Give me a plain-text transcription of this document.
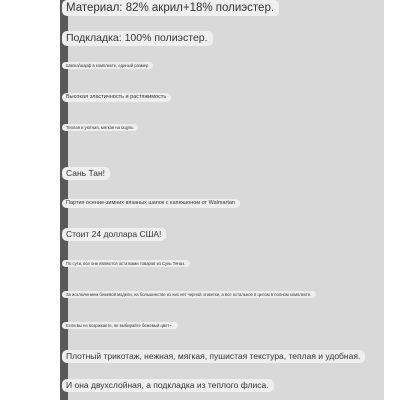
Материал: 82% акрил+18% полиэстер.
Подкладка: 100% полиэстер.
Шапка/шарф в комплекте, единый размер
Высокая эластичность и растяжимость
Теплая и уютная, мягкая на ощупь
Сань Тан!
Партия осенне-зимних вязаных шапок с капюшоном от Walmartan
Стоит 24 доллара США!
По сути, все они являются остатками товаров из Сунь Тянаэ.
За исключением бежевой модели, на большинстве из них нет черной этикетки, а все остальное в целом в полном комплекте.
Если вы не возражаете, не выбирайте бежевый цвет~.
Плотный трикотаж, нежная, мягкая, пушистая текстура, теплая и удобная.
И она двухслойная, а подкладка из теплого флиса.
